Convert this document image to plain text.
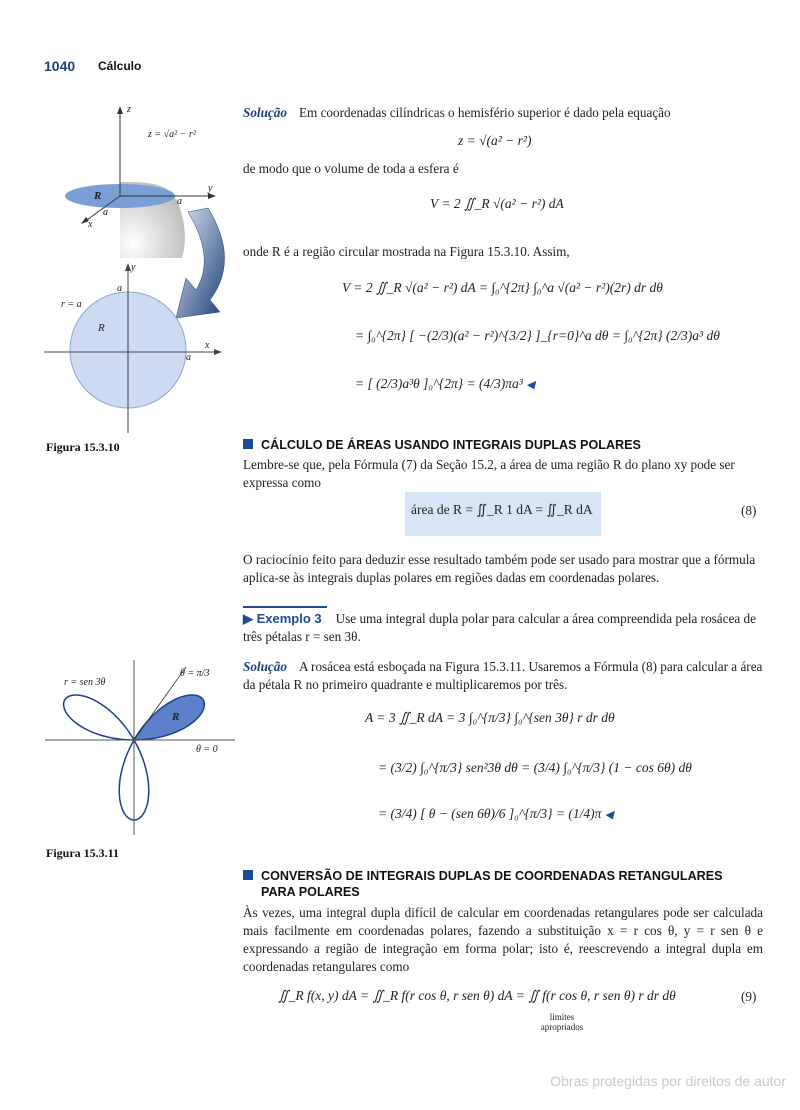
1040 Cálculo
z
z = √a² − r²
y
R	a
a
x
y
a
r = a
R
x
a
Figura 15.3.10
Solução Em coordenadas cilíndricas o hemisfério superior é dado pela equação
z = √(a² − r²)
de modo que o volume de toda a esfera é
V = 2 ∬_R √(a² − r²) dA
onde R é a região circular mostrada na Figura 15.3.10. Assim,
V = 2 ∬_R √(a² − r²) dA = ∫₀^{2π} ∫₀^a √(a² − r²)(2r) dr dθ
= ∫₀^{2π} [ −(2/3)(a² − r²)^{3/2} ]_{r=0}^a dθ = ∫₀^{2π} (2/3)a³ dθ
= [ (2/3)a³θ ]₀^{2π} = (4/3)πa³ ◀
CÁLCULO DE ÁREAS USANDO INTEGRAIS DUPLAS POLARES
Lembre-se que, pela Fórmula (7) da Seção 15.2, a área de uma região R do plano xy pode ser expressa como
área de R = ∬_R 1 dA = ∬_R dA	(8)
O raciocínio feito para deduzir esse resultado também pode ser usado para mostrar que a fórmula aplica-se às integrais duplas polares em regiões dadas em coordenadas polares.
▶ Exemplo 3 Use uma integral dupla polar para calcular a área compreendida pela rosácea de três pétalas r = sen 3θ.
Solução A rosácea está esboçada na Figura 15.3.11. Usaremos a Fórmula (8) para calcular a área da pétala R no primeiro quadrante e multiplicaremos por três.
A = 3 ∬_R dA = 3 ∫₀^{π/3} ∫₀^{sen 3θ} r dr dθ
= (3/2) ∫₀^{π/3} sen²3θ dθ = (3/4) ∫₀^{π/3} (1 − cos 6θ) dθ
= (3/4) [ θ − (sen 6θ)/6 ]₀^{π/3} = (1/4)π ◀
r = sen 3θ
θ = π/3
R
θ = 0
Figura 15.3.11
CONVERSÃO DE INTEGRAIS DUPLAS DE COORDENADAS RETANGULARES
PARA POLARES
Às vezes, uma integral dupla difícil de calcular em coordenadas retangulares pode ser calculada mais facilmente em coordenadas polares, fazendo a substituição x = r cos θ, y = r sen θ e expressando a região de integração em forma polar; isto é, reescrevendo a integral dupla em coordenadas retangulares como
∬_R f(x, y) dA = ∬_R f(r cos θ, r sen θ) dA = ∬ f(r cos θ, r sen θ) r dr dθ
limites apropriados
(9)
Obras protegidas por direitos de autor
